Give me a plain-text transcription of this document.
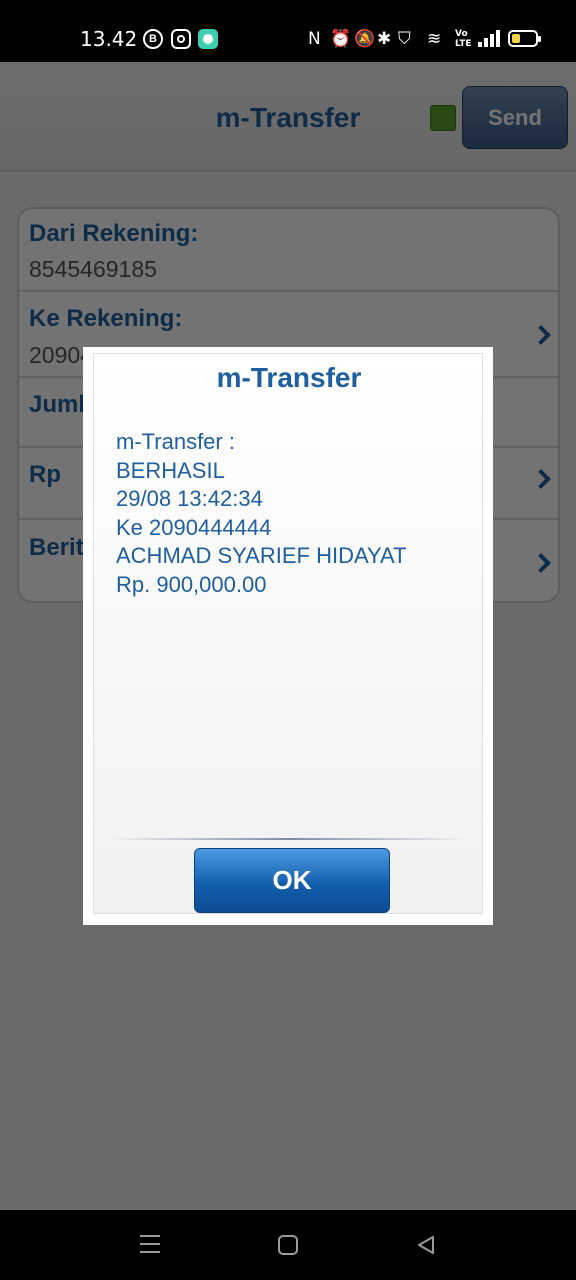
13.42	B	N ⏰ 🔕 ✱ ⛉ ≋ Vo LTE
m-Transfer
m-Transfer :
BERHASIL
29/08 13:42:34
Ke 2090444444
ACHMAD SYARIEF HIDAYAT
Rp. 900,000.00
OK
